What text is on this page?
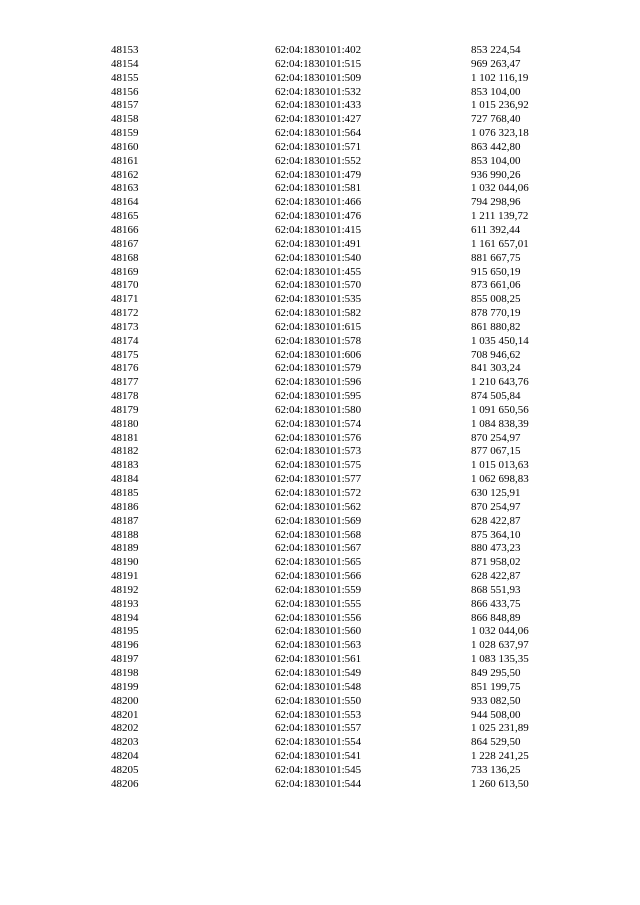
48153	62:04:1830101:402	853 224,54
48154	62:04:1830101:515	969 263,47
48155	62:04:1830101:509	1 102 116,19
48156	62:04:1830101:532	853 104,00
48157	62:04:1830101:433	1 015 236,92
48158	62:04:1830101:427	727 768,40
48159	62:04:1830101:564	1 076 323,18
48160	62:04:1830101:571	863 442,80
48161	62:04:1830101:552	853 104,00
48162	62:04:1830101:479	936 990,26
48163	62:04:1830101:581	1 032 044,06
48164	62:04:1830101:466	794 298,96
48165	62:04:1830101:476	1 211 139,72
48166	62:04:1830101:415	611 392,44
48167	62:04:1830101:491	1 161 657,01
48168	62:04:1830101:540	881 667,75
48169	62:04:1830101:455	915 650,19
48170	62:04:1830101:570	873 661,06
48171	62:04:1830101:535	855 008,25
48172	62:04:1830101:582	878 770,19
48173	62:04:1830101:615	861 880,82
48174	62:04:1830101:578	1 035 450,14
48175	62:04:1830101:606	708 946,62
48176	62:04:1830101:579	841 303,24
48177	62:04:1830101:596	1 210 643,76
48178	62:04:1830101:595	874 505,84
48179	62:04:1830101:580	1 091 650,56
48180	62:04:1830101:574	1 084 838,39
48181	62:04:1830101:576	870 254,97
48182	62:04:1830101:573	877 067,15
48183	62:04:1830101:575	1 015 013,63
48184	62:04:1830101:577	1 062 698,83
48185	62:04:1830101:572	630 125,91
48186	62:04:1830101:562	870 254,97
48187	62:04:1830101:569	628 422,87
48188	62:04:1830101:568	875 364,10
48189	62:04:1830101:567	880 473,23
48190	62:04:1830101:565	871 958,02
48191	62:04:1830101:566	628 422,87
48192	62:04:1830101:559	868 551,93
48193	62:04:1830101:555	866 433,75
48194	62:04:1830101:556	866 848,89
48195	62:04:1830101:560	1 032 044,06
48196	62:04:1830101:563	1 028 637,97
48197	62:04:1830101:561	1 083 135,35
48198	62:04:1830101:549	849 295,50
48199	62:04:1830101:548	851 199,75
48200	62:04:1830101:550	933 082,50
48201	62:04:1830101:553	944 508,00
48202	62:04:1830101:557	1 025 231,89
48203	62:04:1830101:554	864 529,50
48204	62:04:1830101:541	1 228 241,25
48205	62:04:1830101:545	733 136,25
48206	62:04:1830101:544	1 260 613,50
